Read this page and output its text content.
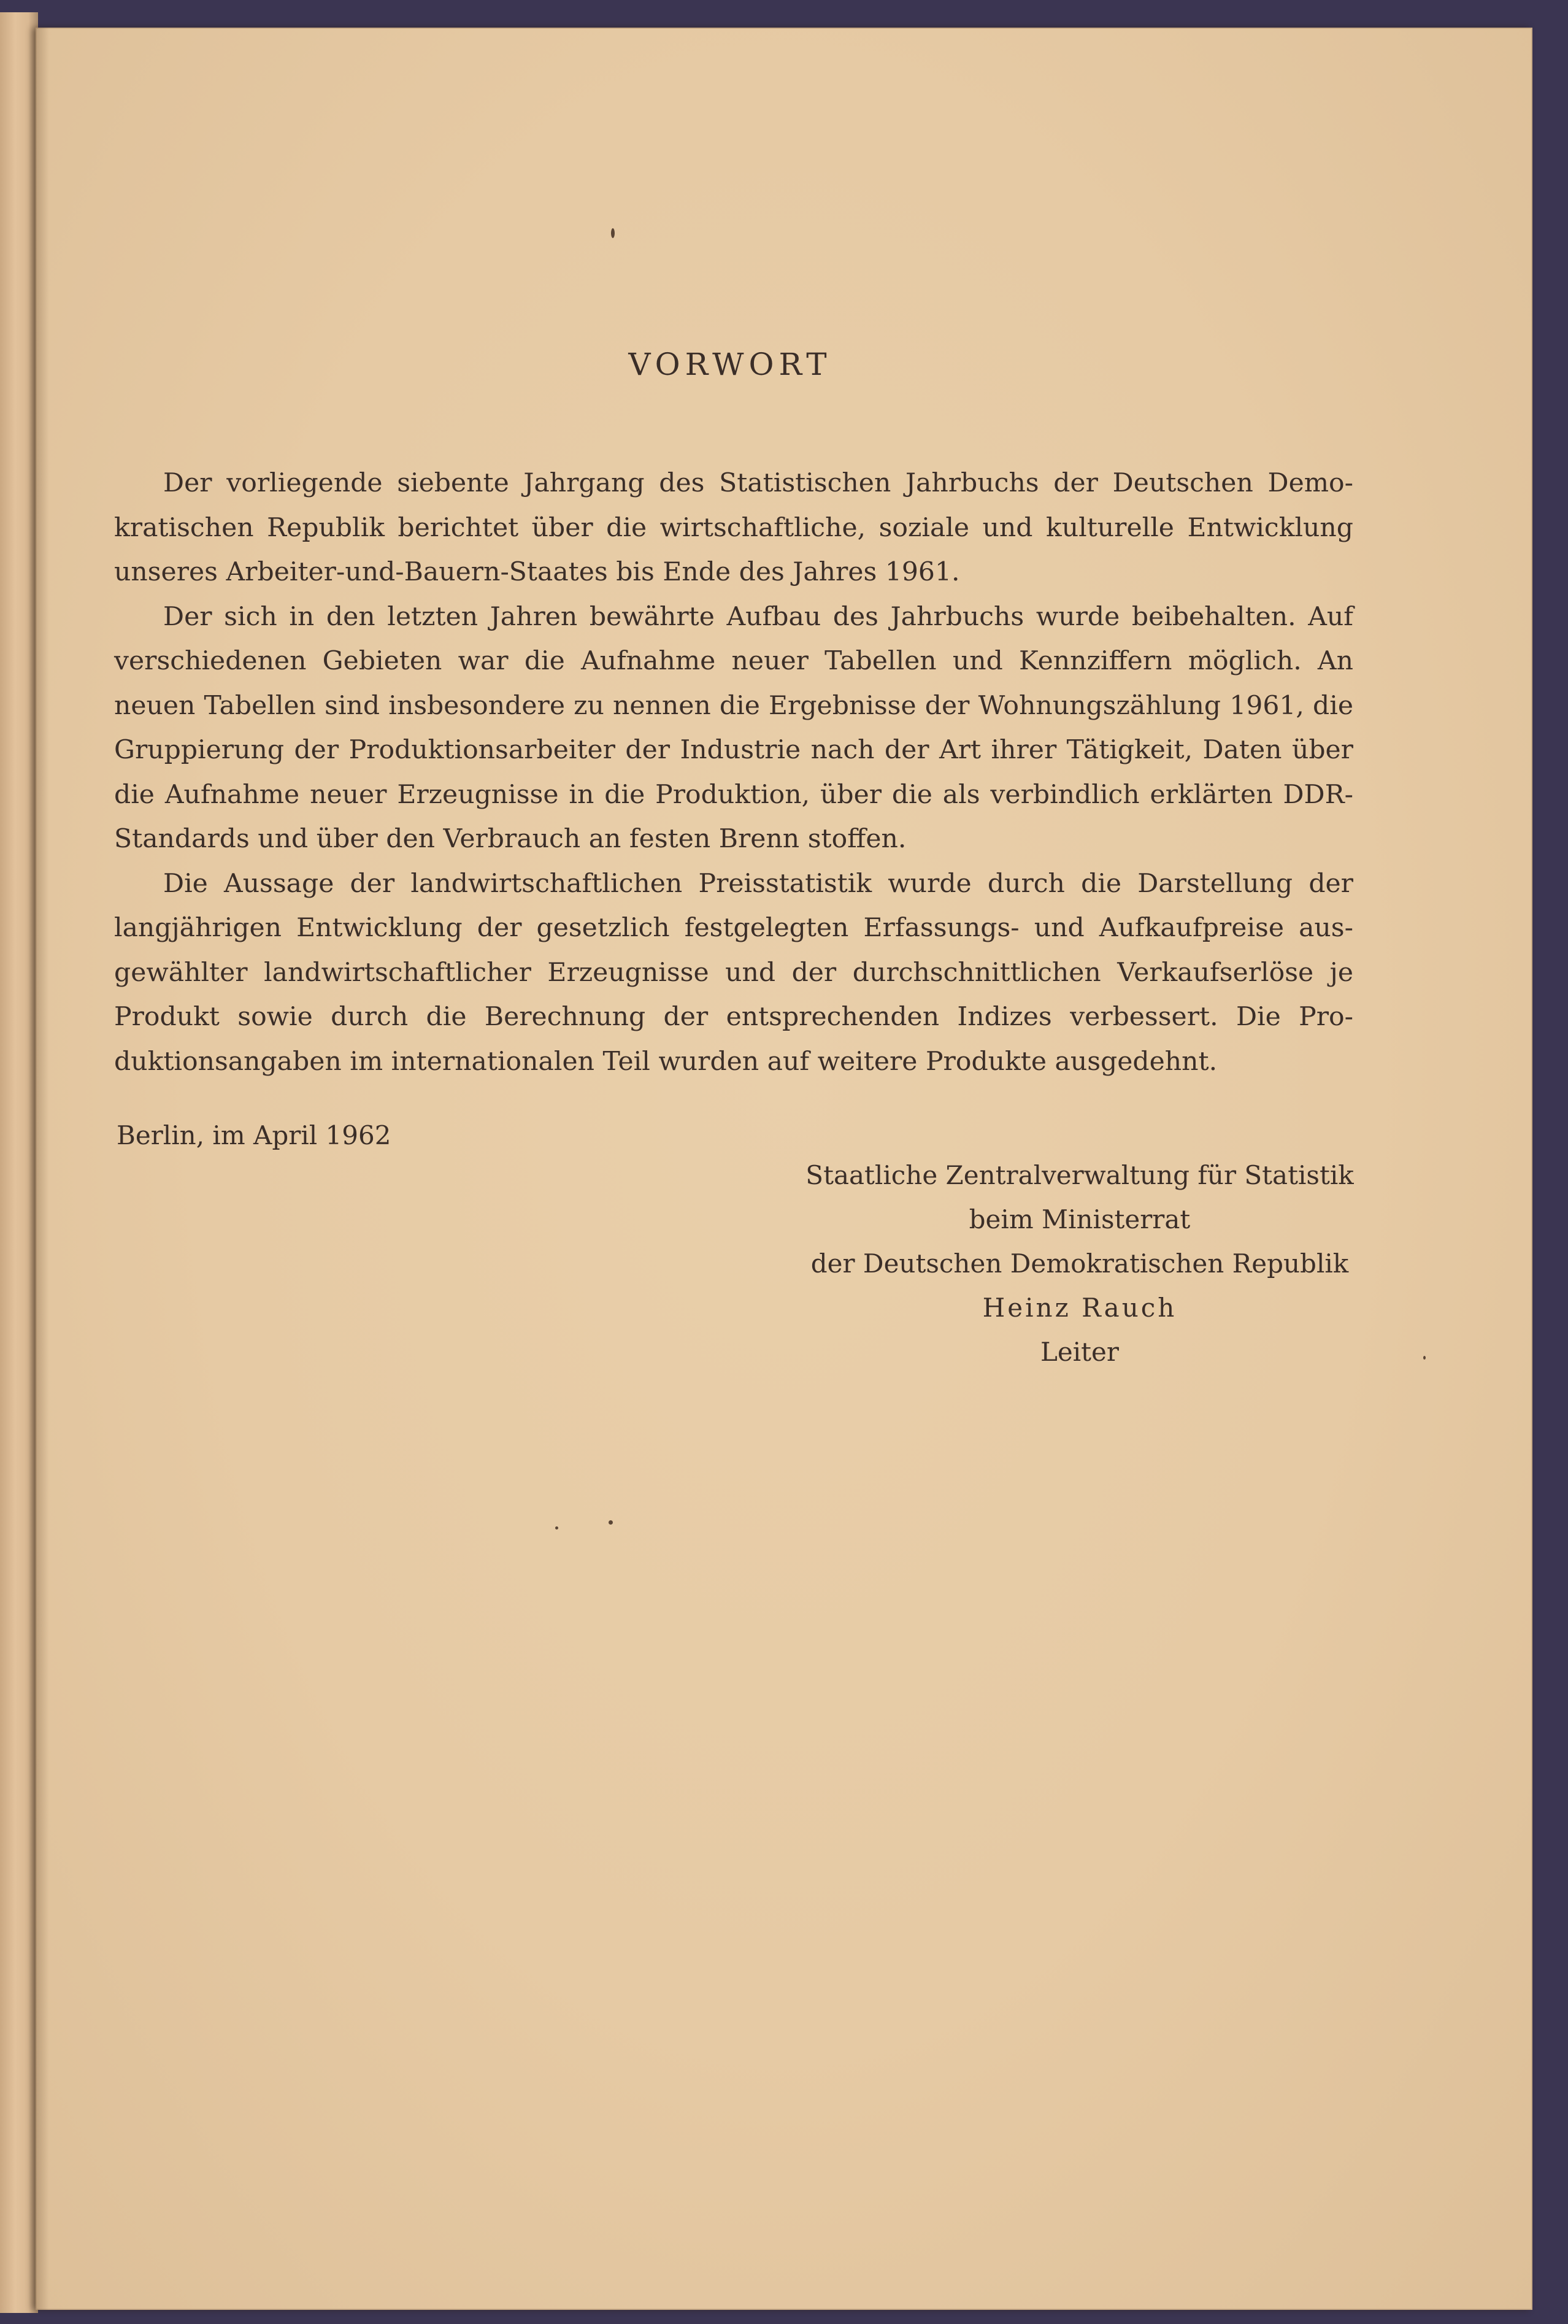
VORWORT

Der vorliegende siebente Jahrgang des Statistischen Jahrbuchs der Deutschen Demokratischen Republik berichtet über die wirtschaftliche, soziale und kulturelle Entwicklung unseres Arbeiter-und-Bauern-Staates bis Ende des Jahres 1961.

Der sich in den letzten Jahren bewährte Aufbau des Jahrbuchs wurde beibehalten. Auf verschiedenen Gebieten war die Aufnahme neuer Tabellen und Kennziffern möglich. An neuen Tabellen sind insbesondere zu nennen die Ergebnisse der Wohnungszählung 1961, die Gruppierung der Produktionsarbeiter der Industrie nach der Art ihrer Tätigkeit, Daten über die Aufnahme neuer Erzeugnisse in die Produktion, über die als verbindlich erklärten DDR-Standards und über den Verbrauch an festen Brenn stoffen.

Die Aussage der landwirtschaftlichen Preisstatistik wurde durch die Darstellung der langjährigen Entwicklung der gesetzlich festgelegten Erfassungs- und Aufkaufpreise ausgewählter landwirtschaftlicher Erzeugnisse und der durchschnittlichen Verkaufserlöse je Produkt sowie durch die Berechnung der entsprechenden Indizes verbessert. Die Produktionsangaben im internationalen Teil wurden auf weitere Produkte ausgedehnt.

Berlin, im April 1962
Staatliche Zentralverwaltung für Statistik
beim Ministerrat
der Deutschen Demokratischen Republik
Heinz Rauch
Leiter
